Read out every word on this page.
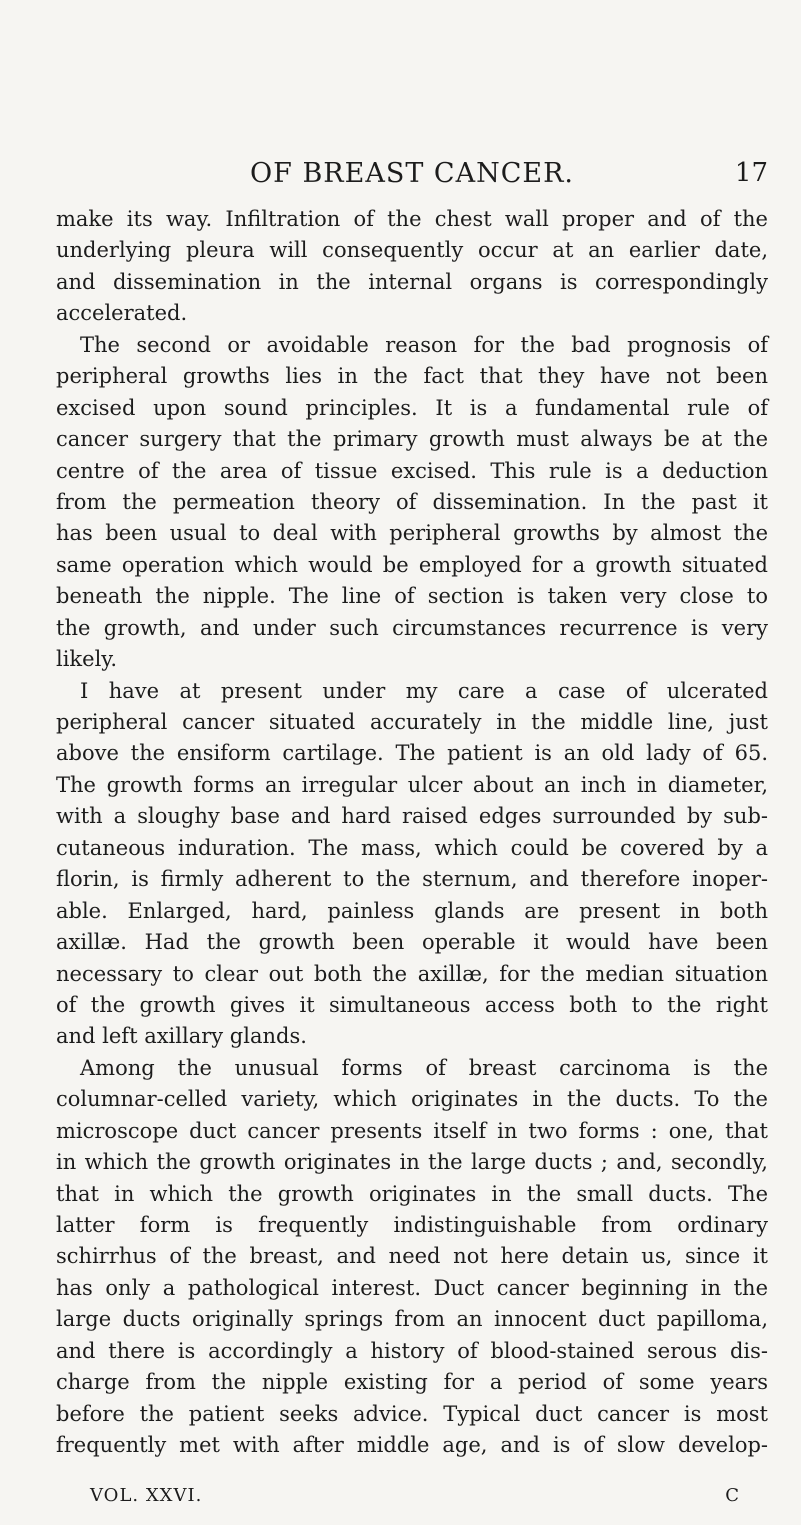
OF BREAST CANCER.	17
make its way. Infiltration of the chest wall proper and of the
underlying pleura will consequently occur at an earlier date,
and dissemination in the internal organs is correspondingly
accelerated.
The second or avoidable reason for the bad prognosis of
peripheral growths lies in the fact that they have not been
excised upon sound principles. It is a fundamental rule of
cancer surgery that the primary growth must always be at the
centre of the area of tissue excised. This rule is a deduction
from the permeation theory of dissemination. In the past it
has been usual to deal with peripheral growths by almost the
same operation which would be employed for a growth situated
beneath the nipple. The line of section is taken very close to
the growth, and under such circumstances recurrence is very
likely.
I have at present under my care a case of ulcerated
peripheral cancer situated accurately in the middle line, just
above the ensiform cartilage. The patient is an old lady of 65.
The growth forms an irregular ulcer about an inch in diameter,
with a sloughy base and hard raised edges surrounded by sub-
cutaneous induration. The mass, which could be covered by a
florin, is firmly adherent to the sternum, and therefore inoper-
able. Enlarged, hard, painless glands are present in both
axillæ. Had the growth been operable it would have been
necessary to clear out both the axillæ, for the median situation
of the growth gives it simultaneous access both to the right
and left axillary glands.
Among the unusual forms of breast carcinoma is the
columnar-celled variety, which originates in the ducts. To the
microscope duct cancer presents itself in two forms : one, that
in which the growth originates in the large ducts ; and, secondly,
that in which the growth originates in the small ducts. The
latter form is frequently indistinguishable from ordinary
schirrhus of the breast, and need not here detain us, since it
has only a pathological interest. Duct cancer beginning in the
large ducts originally springs from an innocent duct papilloma,
and there is accordingly a history of blood-stained serous dis-
charge from the nipple existing for a period of some years
before the patient seeks advice. Typical duct cancer is most
frequently met with after middle age, and is of slow develop-
VOL. XXVI.	C
